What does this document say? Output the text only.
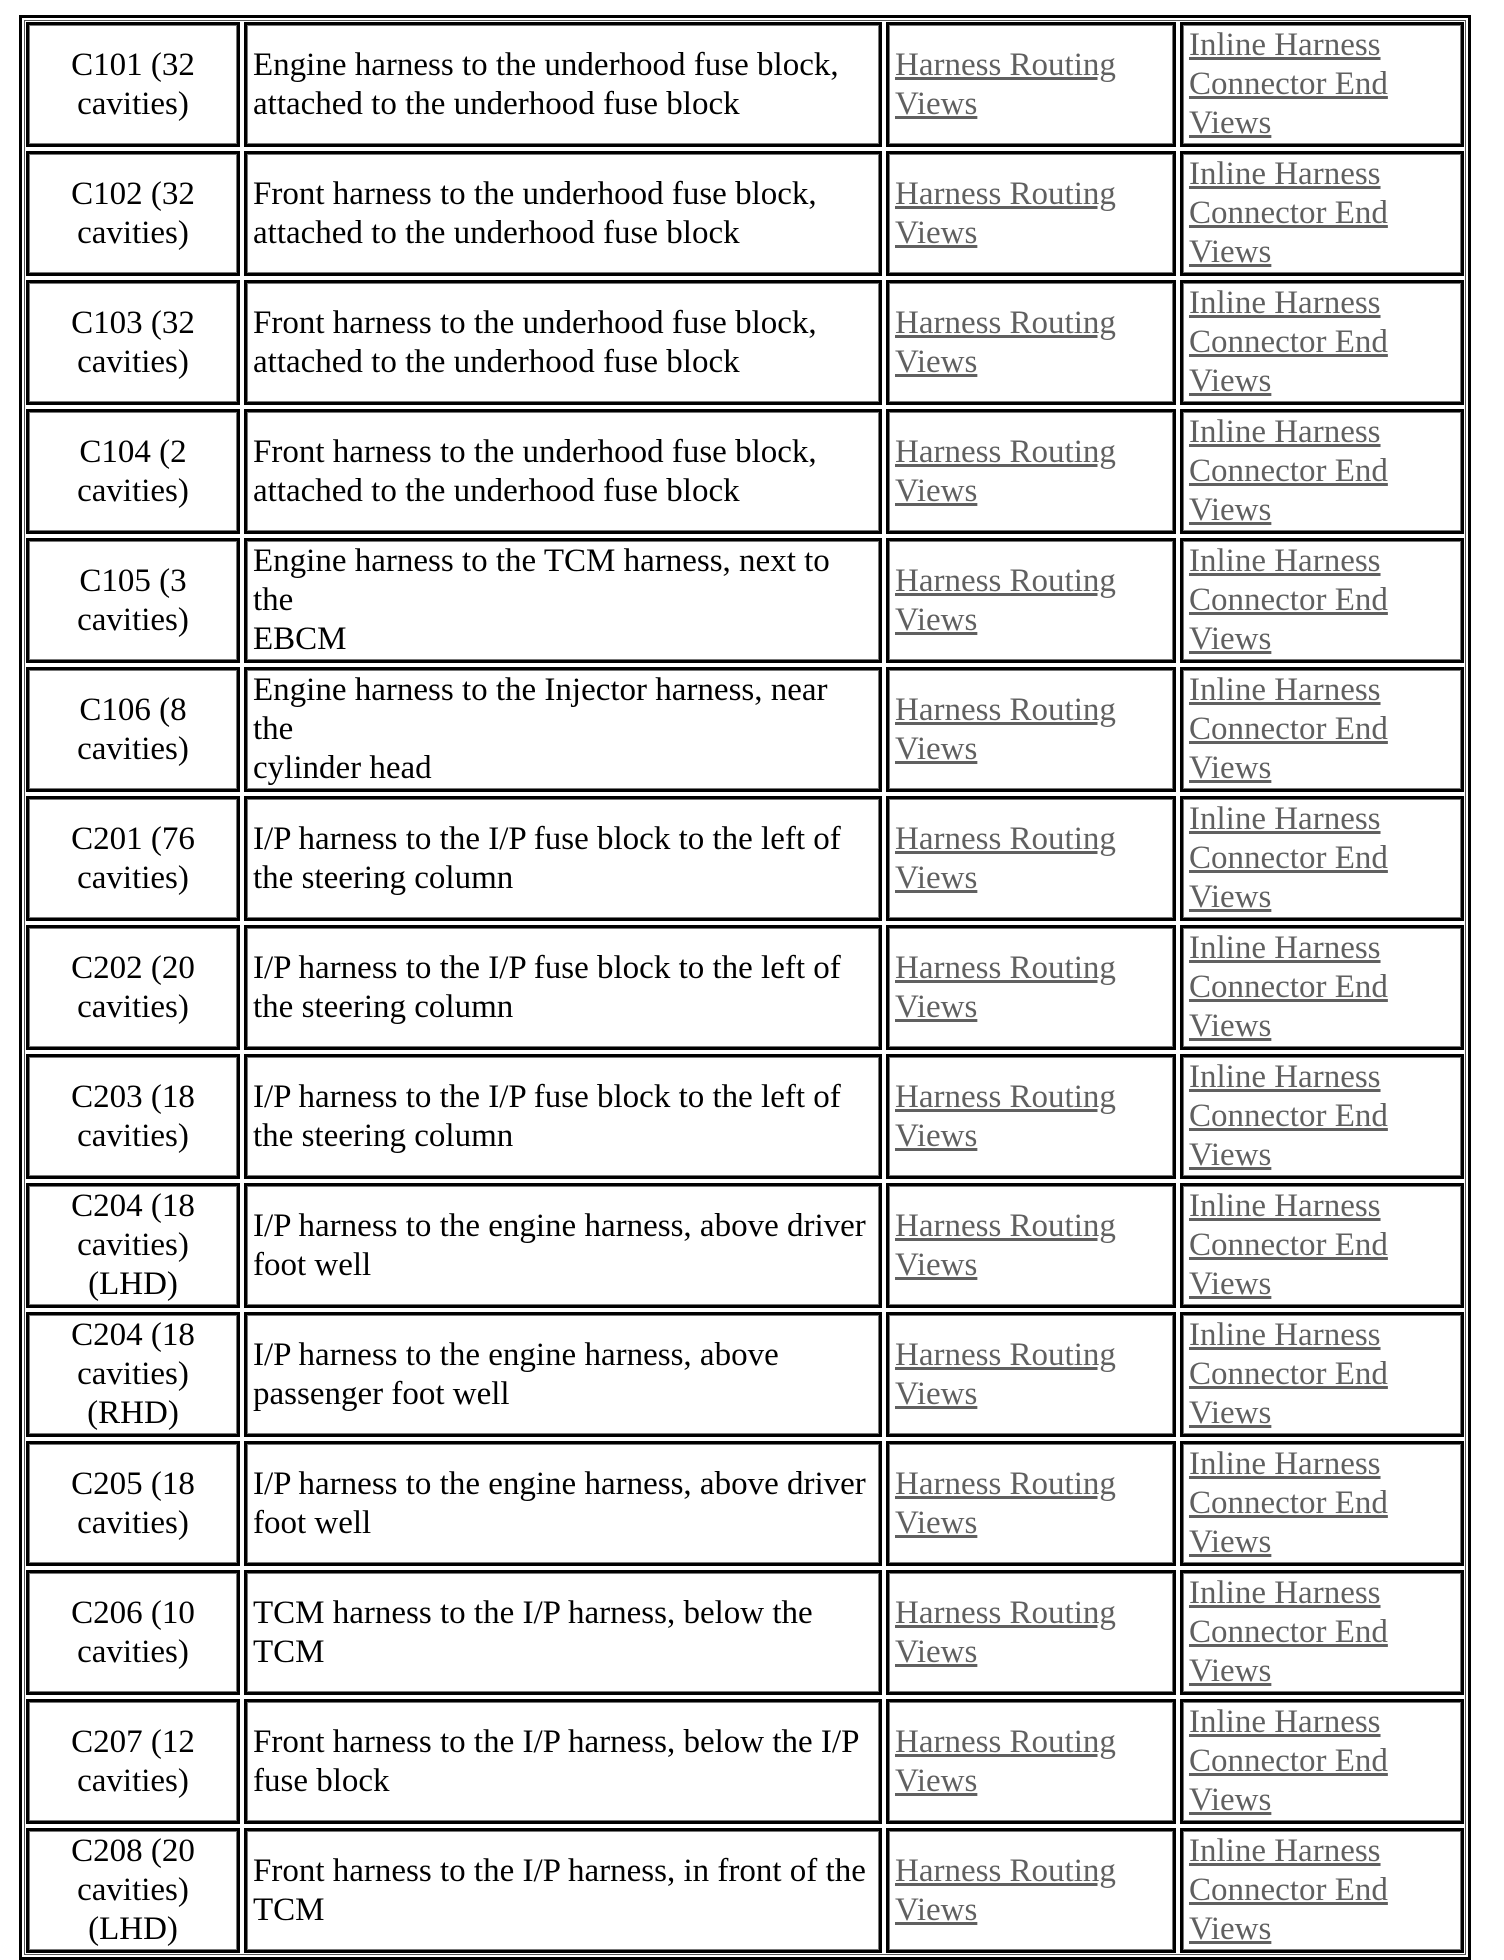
C101 (32
cavities)	Engine harness to the underhood fuse block,
attached to the underhood fuse block	Harness Routing
Views	Inline Harness
Connector End
Views

C102 (32
cavities)	Front harness to the underhood fuse block,
attached to the underhood fuse block	Harness Routing
Views	Inline Harness
Connector End
Views

C103 (32
cavities)	Front harness to the underhood fuse block,
attached to the underhood fuse block	Harness Routing
Views	Inline Harness
Connector End
Views

C104 (2
cavities)	Front harness to the underhood fuse block,
attached to the underhood fuse block	Harness Routing
Views	Inline Harness
Connector End
Views

C105 (3
cavities)	Engine harness to the TCM harness, next to the
EBCM	Harness Routing
Views	Inline Harness
Connector End
Views

C106 (8
cavities)	Engine harness to the Injector harness, near the
cylinder head	Harness Routing
Views	Inline Harness
Connector End
Views

C201 (76
cavities)	I/P harness to the I/P fuse block to the left of
the steering column	Harness Routing
Views	Inline Harness
Connector End
Views

C202 (20
cavities)	I/P harness to the I/P fuse block to the left of
the steering column	Harness Routing
Views	Inline Harness
Connector End
Views

C203 (18
cavities)	I/P harness to the I/P fuse block to the left of
the steering column	Harness Routing
Views	Inline Harness
Connector End
Views

C204 (18
cavities)
(LHD)	I/P harness to the engine harness, above driver
foot well	Harness Routing
Views	Inline Harness
Connector End
Views

C204 (18
cavities)
(RHD)	I/P harness to the engine harness, above
passenger foot well	Harness Routing
Views	Inline Harness
Connector End
Views

C205 (18
cavities)	I/P harness to the engine harness, above driver
foot well	Harness Routing
Views	Inline Harness
Connector End
Views

C206 (10
cavities)	TCM harness to the I/P harness, below the
TCM	Harness Routing
Views	Inline Harness
Connector End
Views

C207 (12
cavities)	Front harness to the I/P harness, below the I/P
fuse block	Harness Routing
Views	Inline Harness
Connector End
Views

C208 (20
cavities)
(LHD)	Front harness to the I/P harness, in front of the
TCM	Harness Routing
Views	Inline Harness
Connector End
Views
